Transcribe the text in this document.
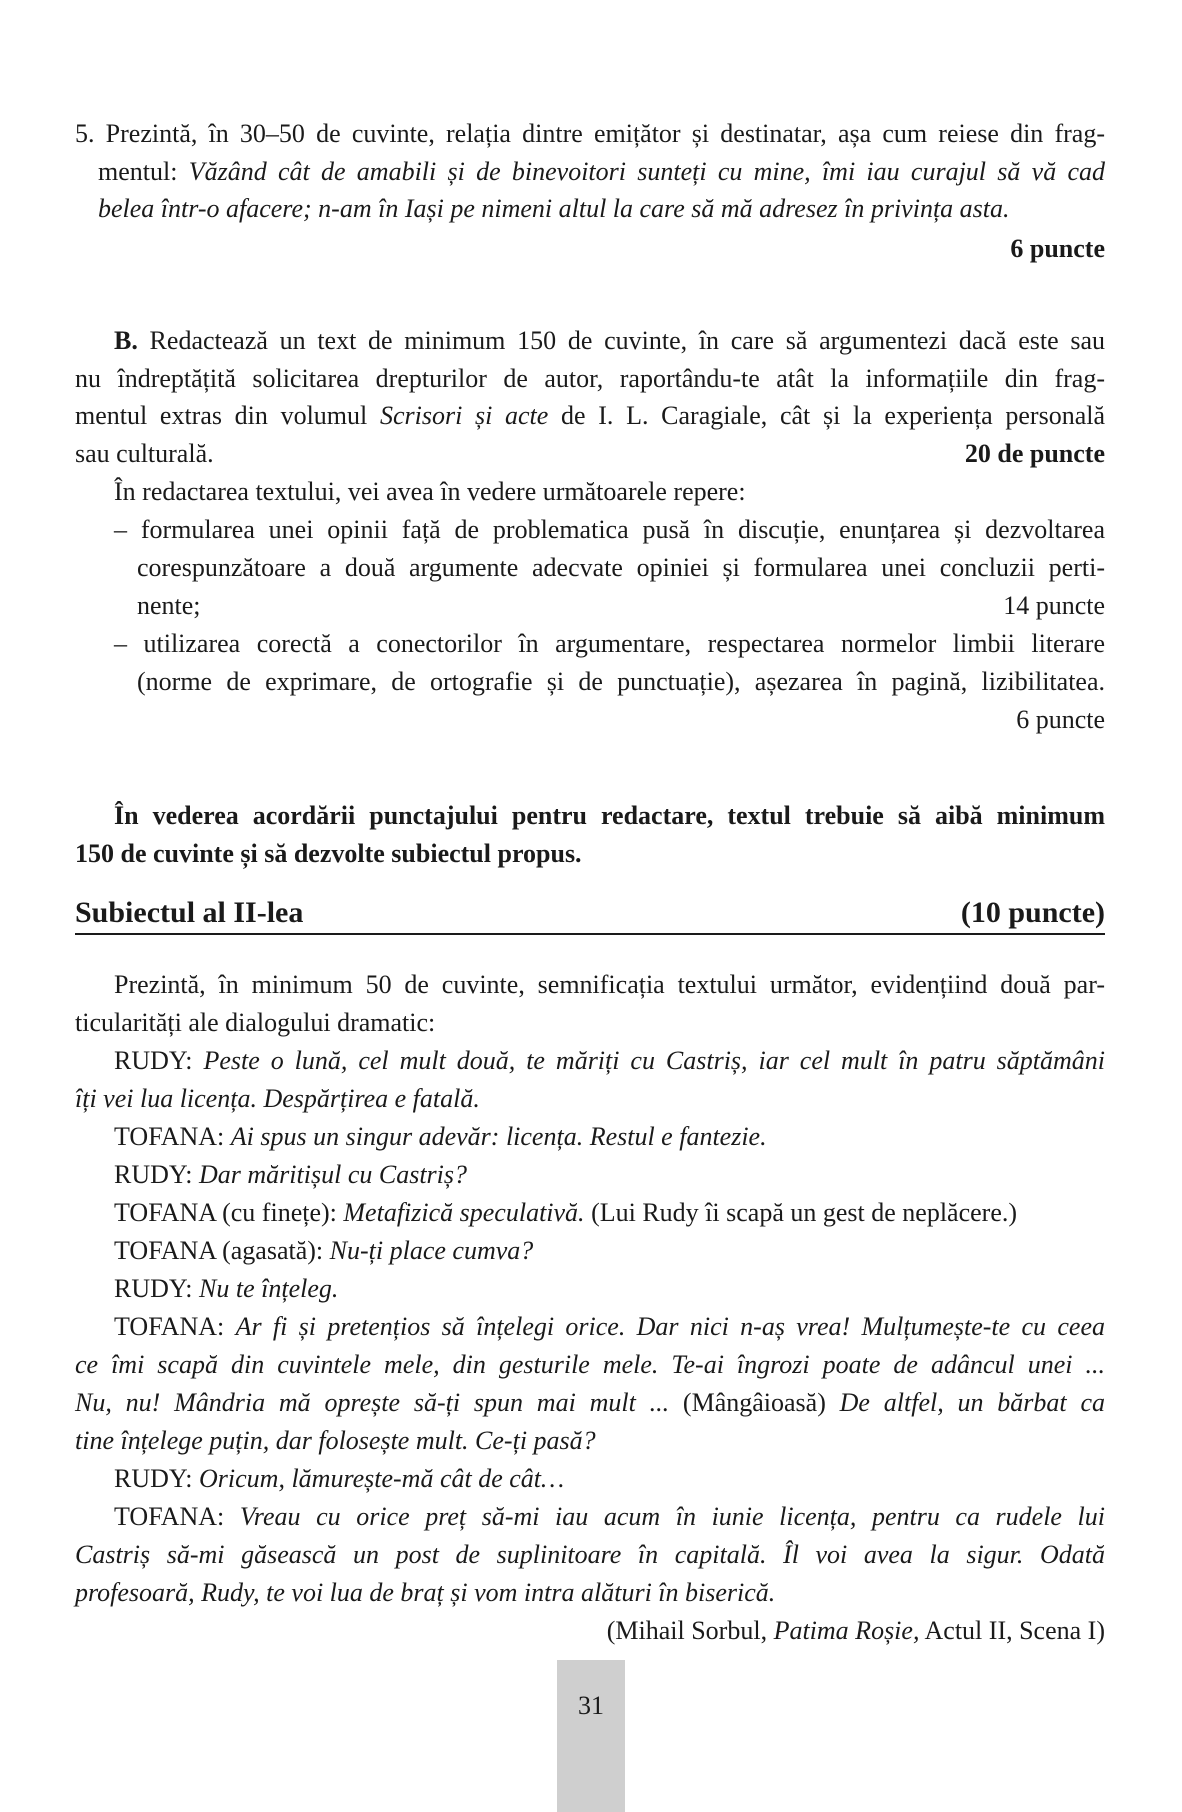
5. Prezintă, în 30–50 de cuvinte, relația dintre emițător și destinatar, așa cum reiese din frag-
mentul: Văzând cât de amabili și de binevoitori sunteți cu mine, îmi iau curajul să vă cad
belea într-o afacere; n-am în Iași pe nimeni altul la care să mă adresez în privința asta.
6 puncte
B. Redactează un text de minimum 150 de cuvinte, în care să argumentezi dacă este sau
nu îndreptățită solicitarea drepturilor de autor, raportându-te atât la informațiile din frag-
mentul extras din volumul Scrisori și acte de I. L. Caragiale, cât și la experiența personală
sau culturală.	20 de puncte
În redactarea textului, vei avea în vedere următoarele repere:
– formularea unei opinii față de problematica pusă în discuție, enunțarea și dezvoltarea
corespunzătoare a două argumente adecvate opiniei și formularea unei concluzii perti-
nente;	14 puncte
– utilizarea corectă a conectorilor în argumentare, respectarea normelor limbii literare
(norme de exprimare, de ortografie și de punctuație), așezarea în pagină, lizibilitatea.
6 puncte
În vederea acordării punctajului pentru redactare, textul trebuie să aibă minimum
150 de cuvinte și să dezvolte subiectul propus.
Subiectul al II-lea	(10 puncte)
Prezintă, în minimum 50 de cuvinte, semnificația textului următor, evidențiind două par-
ticularități ale dialogului dramatic:
RUDY: Peste o lună, cel mult două, te măriți cu Castriș, iar cel mult în patru săptămâni
îți vei lua licența. Despărțirea e fatală.
TOFANA: Ai spus un singur adevăr: licența. Restul e fantezie.
RUDY: Dar măritișul cu Castriș?
TOFANA (cu finețe): Metafizică speculativă. (Lui Rudy îi scapă un gest de neplăcere.)
TOFANA (agasată): Nu-ți place cumva?
RUDY: Nu te înțeleg.
TOFANA: Ar fi și pretențios să înțelegi orice. Dar nici n-aș vrea! Mulțumește-te cu ceea
ce îmi scapă din cuvintele mele, din gesturile mele. Te-ai îngrozi poate de adâncul unei ...
Nu, nu! Mândria mă oprește să-ți spun mai mult ... (Mângâioasă) De altfel, un bărbat ca
tine înțelege puțin, dar folosește mult. Ce-ți pasă?
RUDY: Oricum, lămurește-mă cât de cât…
TOFANA: Vreau cu orice preț să-mi iau acum în iunie licența, pentru ca rudele lui
Castriș să-mi găsească un post de suplinitoare în capitală. Îl voi avea la sigur. Odată
profesoară, Rudy, te voi lua de braț și vom intra alături în biserică.
(Mihail Sorbul, Patima Roșie, Actul II, Scena I)
31
